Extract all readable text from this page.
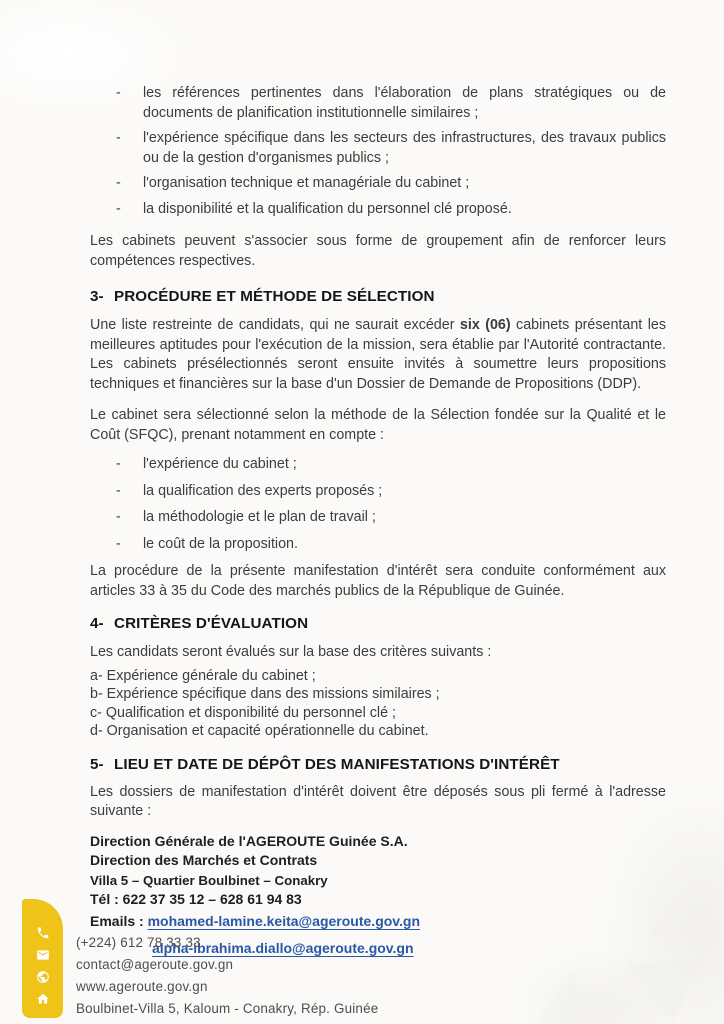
-	les références pertinentes dans l'élaboration de plans stratégiques ou de documents de planification institutionnelle similaires ;
-	l'expérience spécifique dans les secteurs des infrastructures, des travaux publics ou de la gestion d'organismes publics ;
-	l'organisation technique et managériale du cabinet ;
-	la disponibilité et la qualification du personnel clé proposé.

Les cabinets peuvent s'associer sous forme de groupement afin de renforcer leurs compétences respectives.

3- PROCÉDURE ET MÉTHODE DE SÉLECTION

Une liste restreinte de candidats, qui ne saurait excéder six (06) cabinets présentant les meilleures aptitudes pour l'exécution de la mission, sera établie par l'Autorité contractante. Les cabinets présélectionnés seront ensuite invités à soumettre leurs propositions techniques et financières sur la base d'un Dossier de Demande de Propositions (DDP).

Le cabinet sera sélectionné selon la méthode de la Sélection fondée sur la Qualité et le Coût (SFQC), prenant notamment en compte :

-	l'expérience du cabinet ;
-	la qualification des experts proposés ;
-	la méthodologie et le plan de travail ;
-	le coût de la proposition.

La procédure de la présente manifestation d'intérêt sera conduite conformément aux articles 33 à 35 du Code des marchés publics de la République de Guinée.

4- CRITÈRES D'ÉVALUATION

Les candidats seront évalués sur la base des critères suivants :

a- Expérience générale du cabinet ;
b- Expérience spécifique dans des missions similaires ;
c- Qualification et disponibilité du personnel clé ;
d- Organisation et capacité opérationnelle du cabinet.
5- LIEU ET DATE DE DÉPÔT DES MANIFESTATIONS D'INTÉRÊT

Les dossiers de manifestation d'intérêt doivent être déposés sous pli fermé à l'adresse suivante :

Direction Générale de l'AGEROUTE Guinée S.A.
Direction des Marchés et Contrats
Villa 5 – Quartier Boulbinet – Conakry
Tél : 622 37 35 12 – 628 61 94 83
Emails : mohamed-lamine.keita@ageroute.gov.gn
alpha-ibrahima.diallo@ageroute.gov.gn
(+224) 612 78 33 33
contact@ageroute.gov.gn
www.ageroute.gov.gn
Boulbinet-Villa 5, Kaloum - Conakry, Rép. Guinée
